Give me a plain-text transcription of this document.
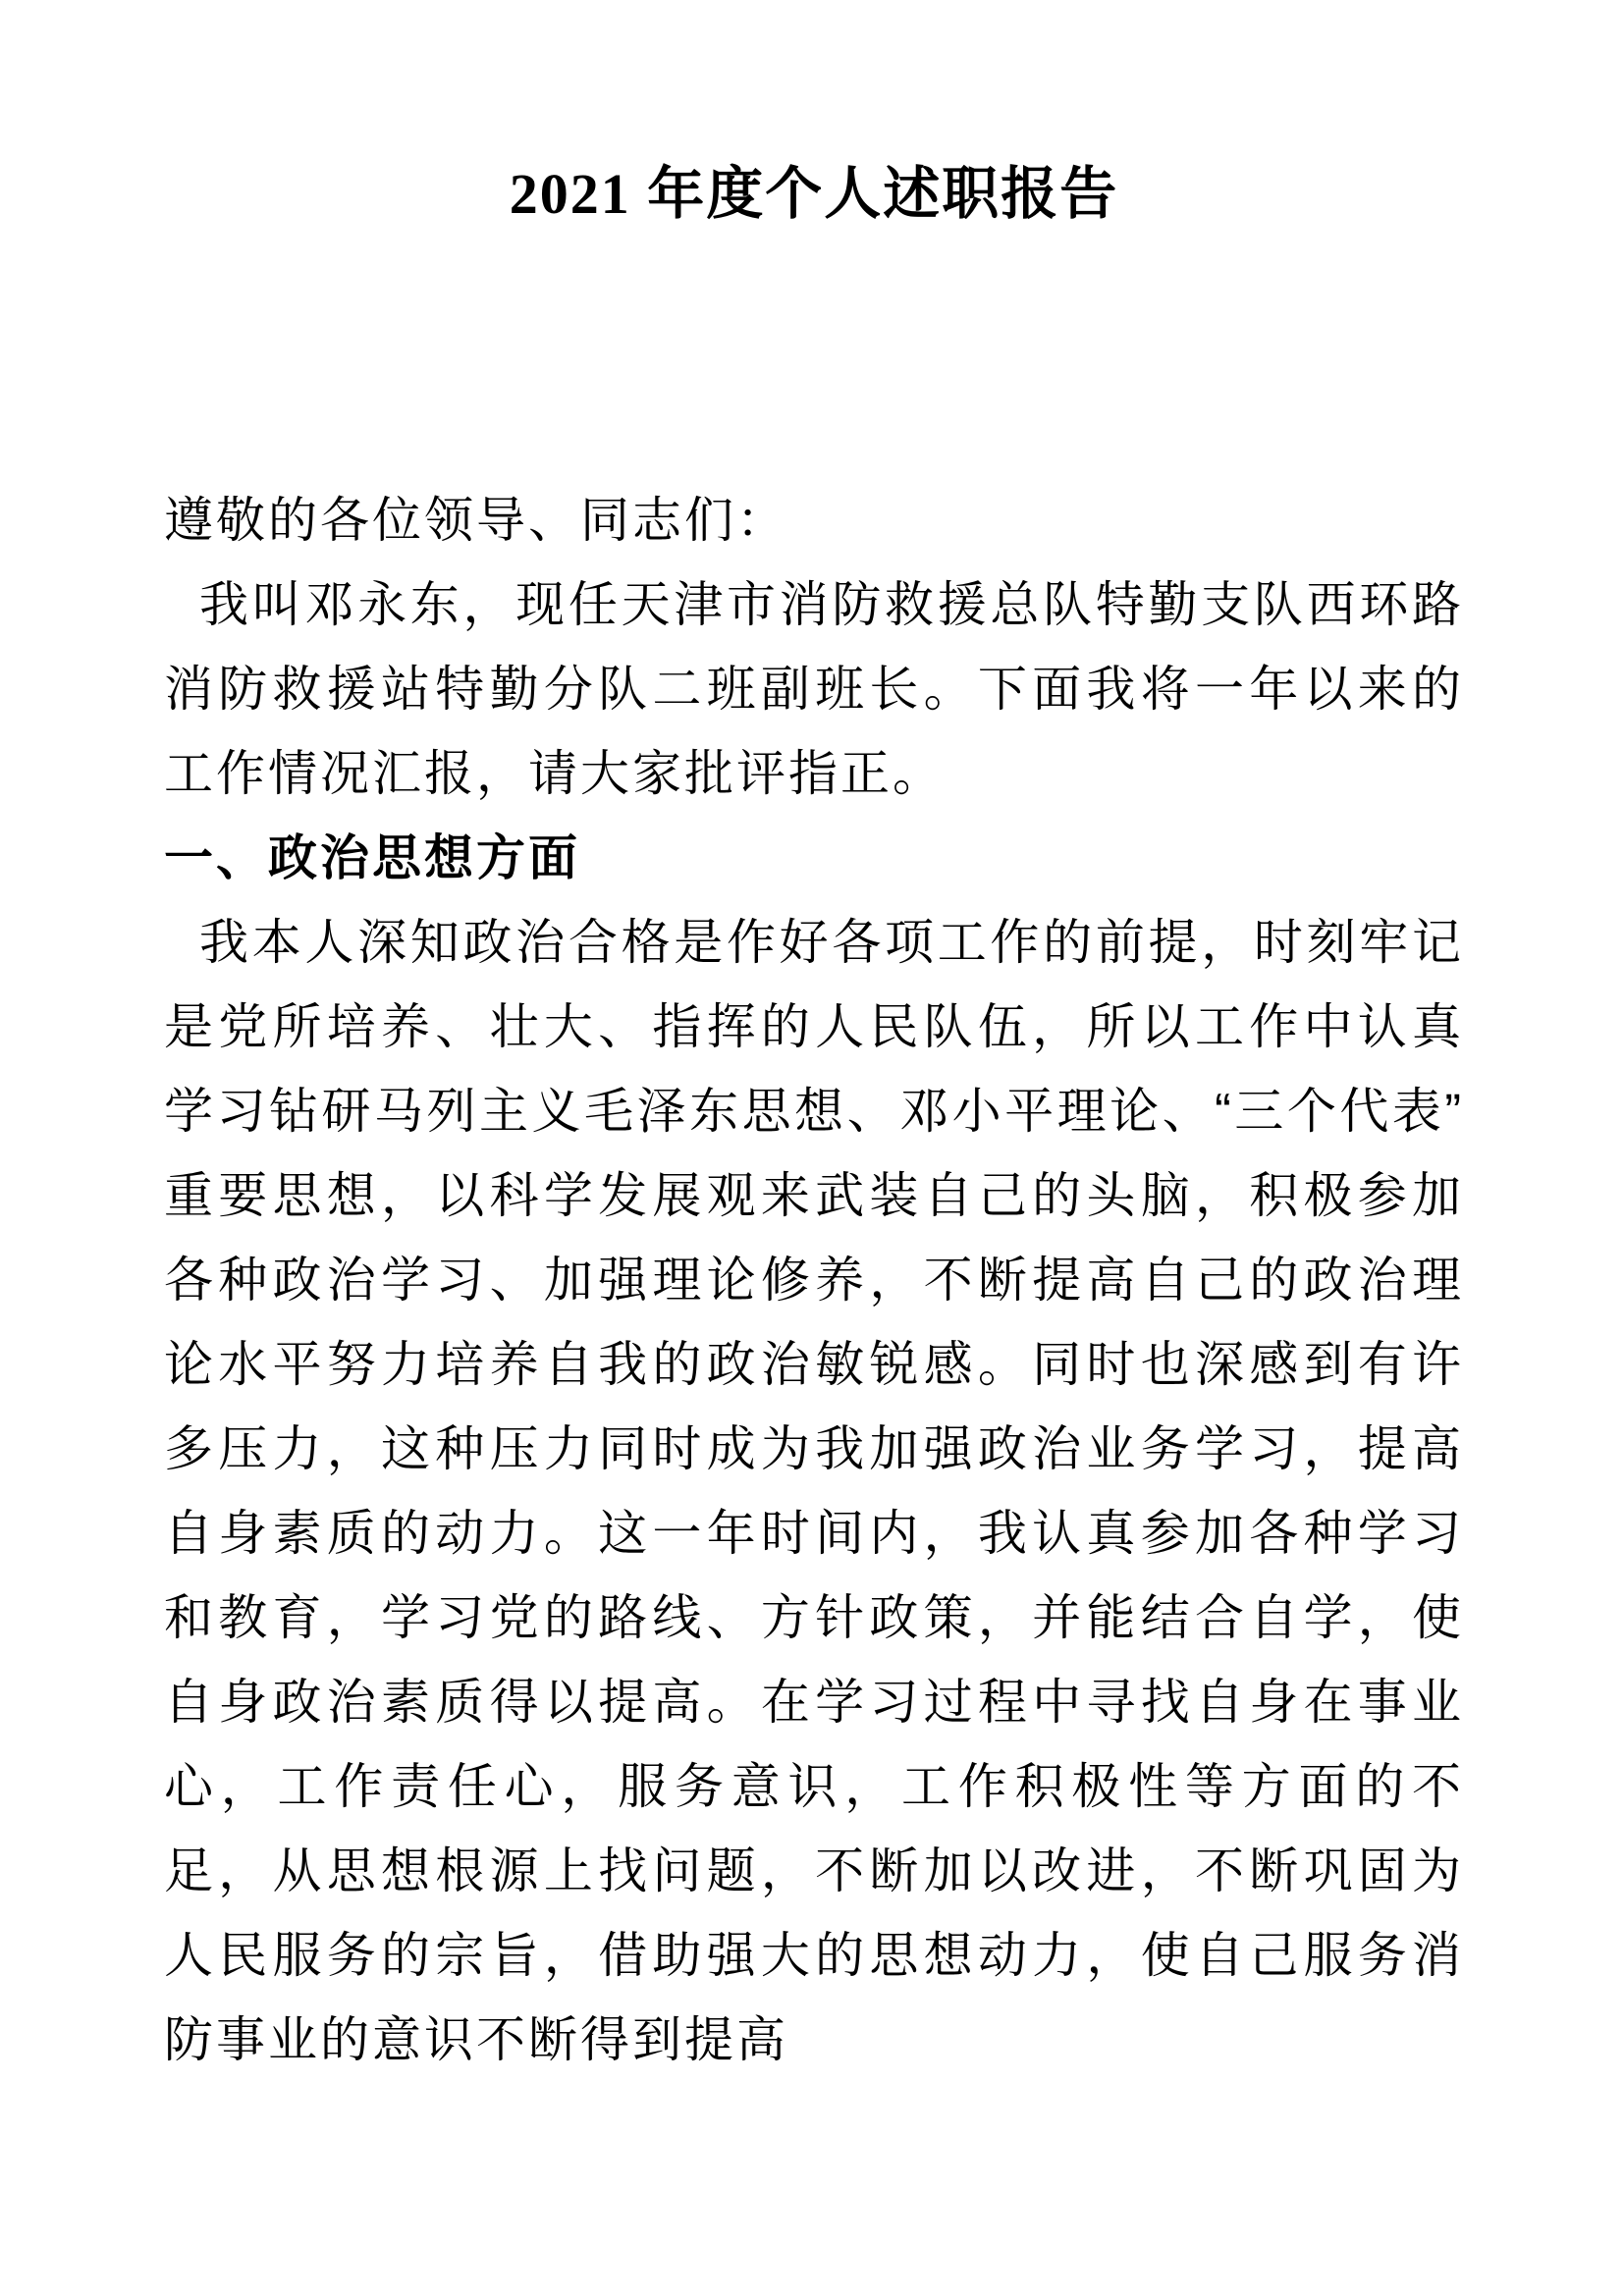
2021 年度个人述职报告

遵敬的各位领导、同志们：

我叫邓永东，现任天津市消防救援总队特勤支队西环路消防救援站特勤分队二班副班长。下面我将一年以来的工作情况汇报，请大家批评指正。

一、政治思想方面

我本人深知政治合格是作好各项工作的前提，时刻牢记是党所培养、壮大、指挥的人民队伍，所以工作中认真学习钻研马列主义毛泽东思想、邓小平理论、“三个代表”重要思想，以科学发展观来武装自己的头脑，积极参加各种政治学习、加强理论修养，不断提高自己的政治理论水平努力培养自我的政治敏锐感。同时也深感到有许多压力，这种压力同时成为我加强政治业务学习，提高自身素质的动力。这一年时间内，我认真参加各种学习和教育，学习党的路线、方针政策，并能结合自学，使自身政治素质得以提高。在学习过程中寻找自身在事业心，工作责任心，服务意识，工作积极性等方面的不足，从思想根源上找问题，不断加以改进，不断巩固为人民服务的宗旨，借助强大的思想动力，使自己服务消防事业的意识不断得到提高
